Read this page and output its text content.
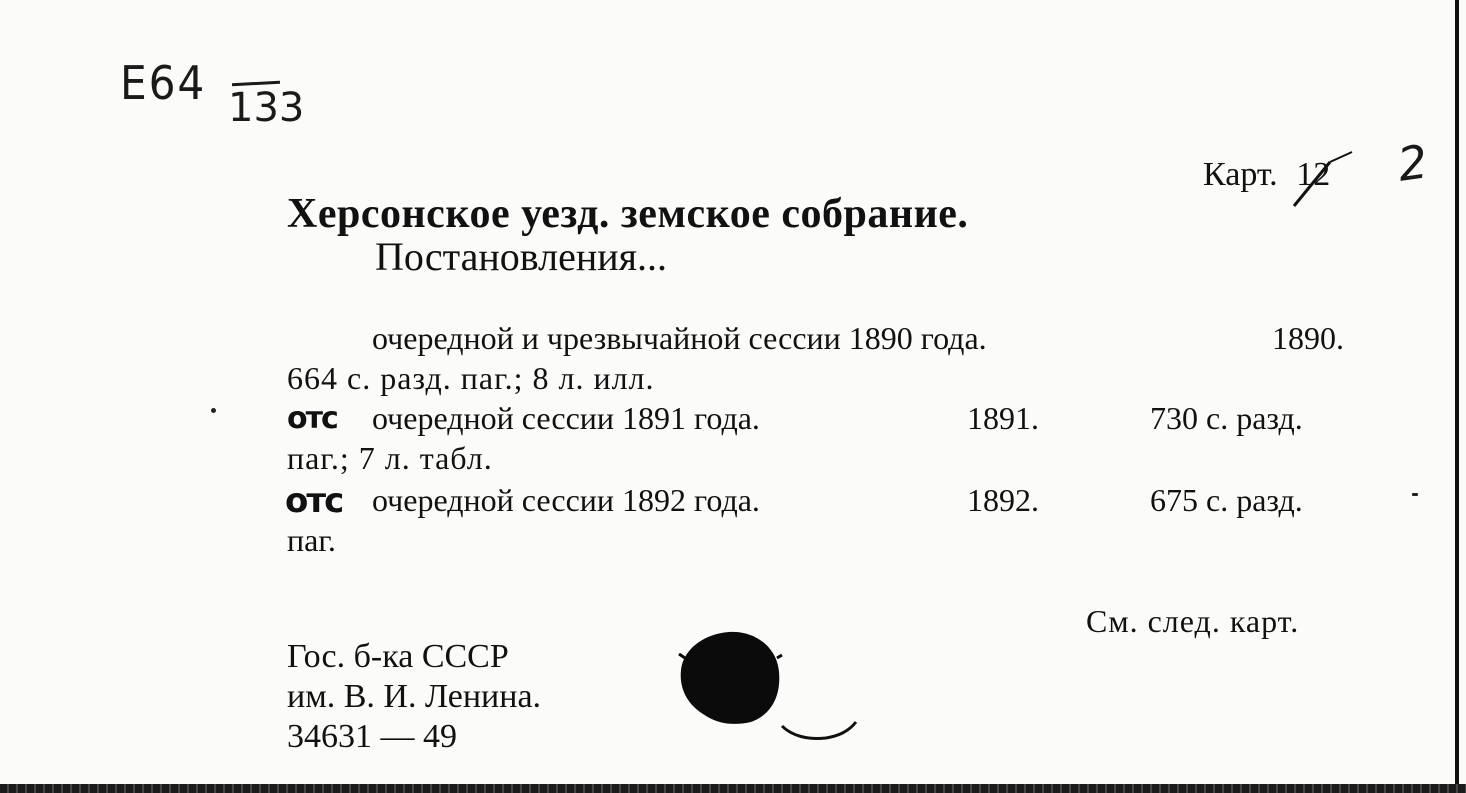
E64 133
Карт. 12 2
Херсонское уезд. земское собрание.
Постановления...
очередной и чрезвычайной сессии 1890 года.	1890.
664 с. разд. паг.; 8 л. илл.
отс очередной сессии 1891 года.	1891.	730 с. разд.
паг.; 7 л. табл.
отс очередной сессии 1892 года.	1892.	675 с. разд.
паг.
См. след. карт.
Гос. б-ка СССР
им. В. И. Ленина.
34631 — 49
